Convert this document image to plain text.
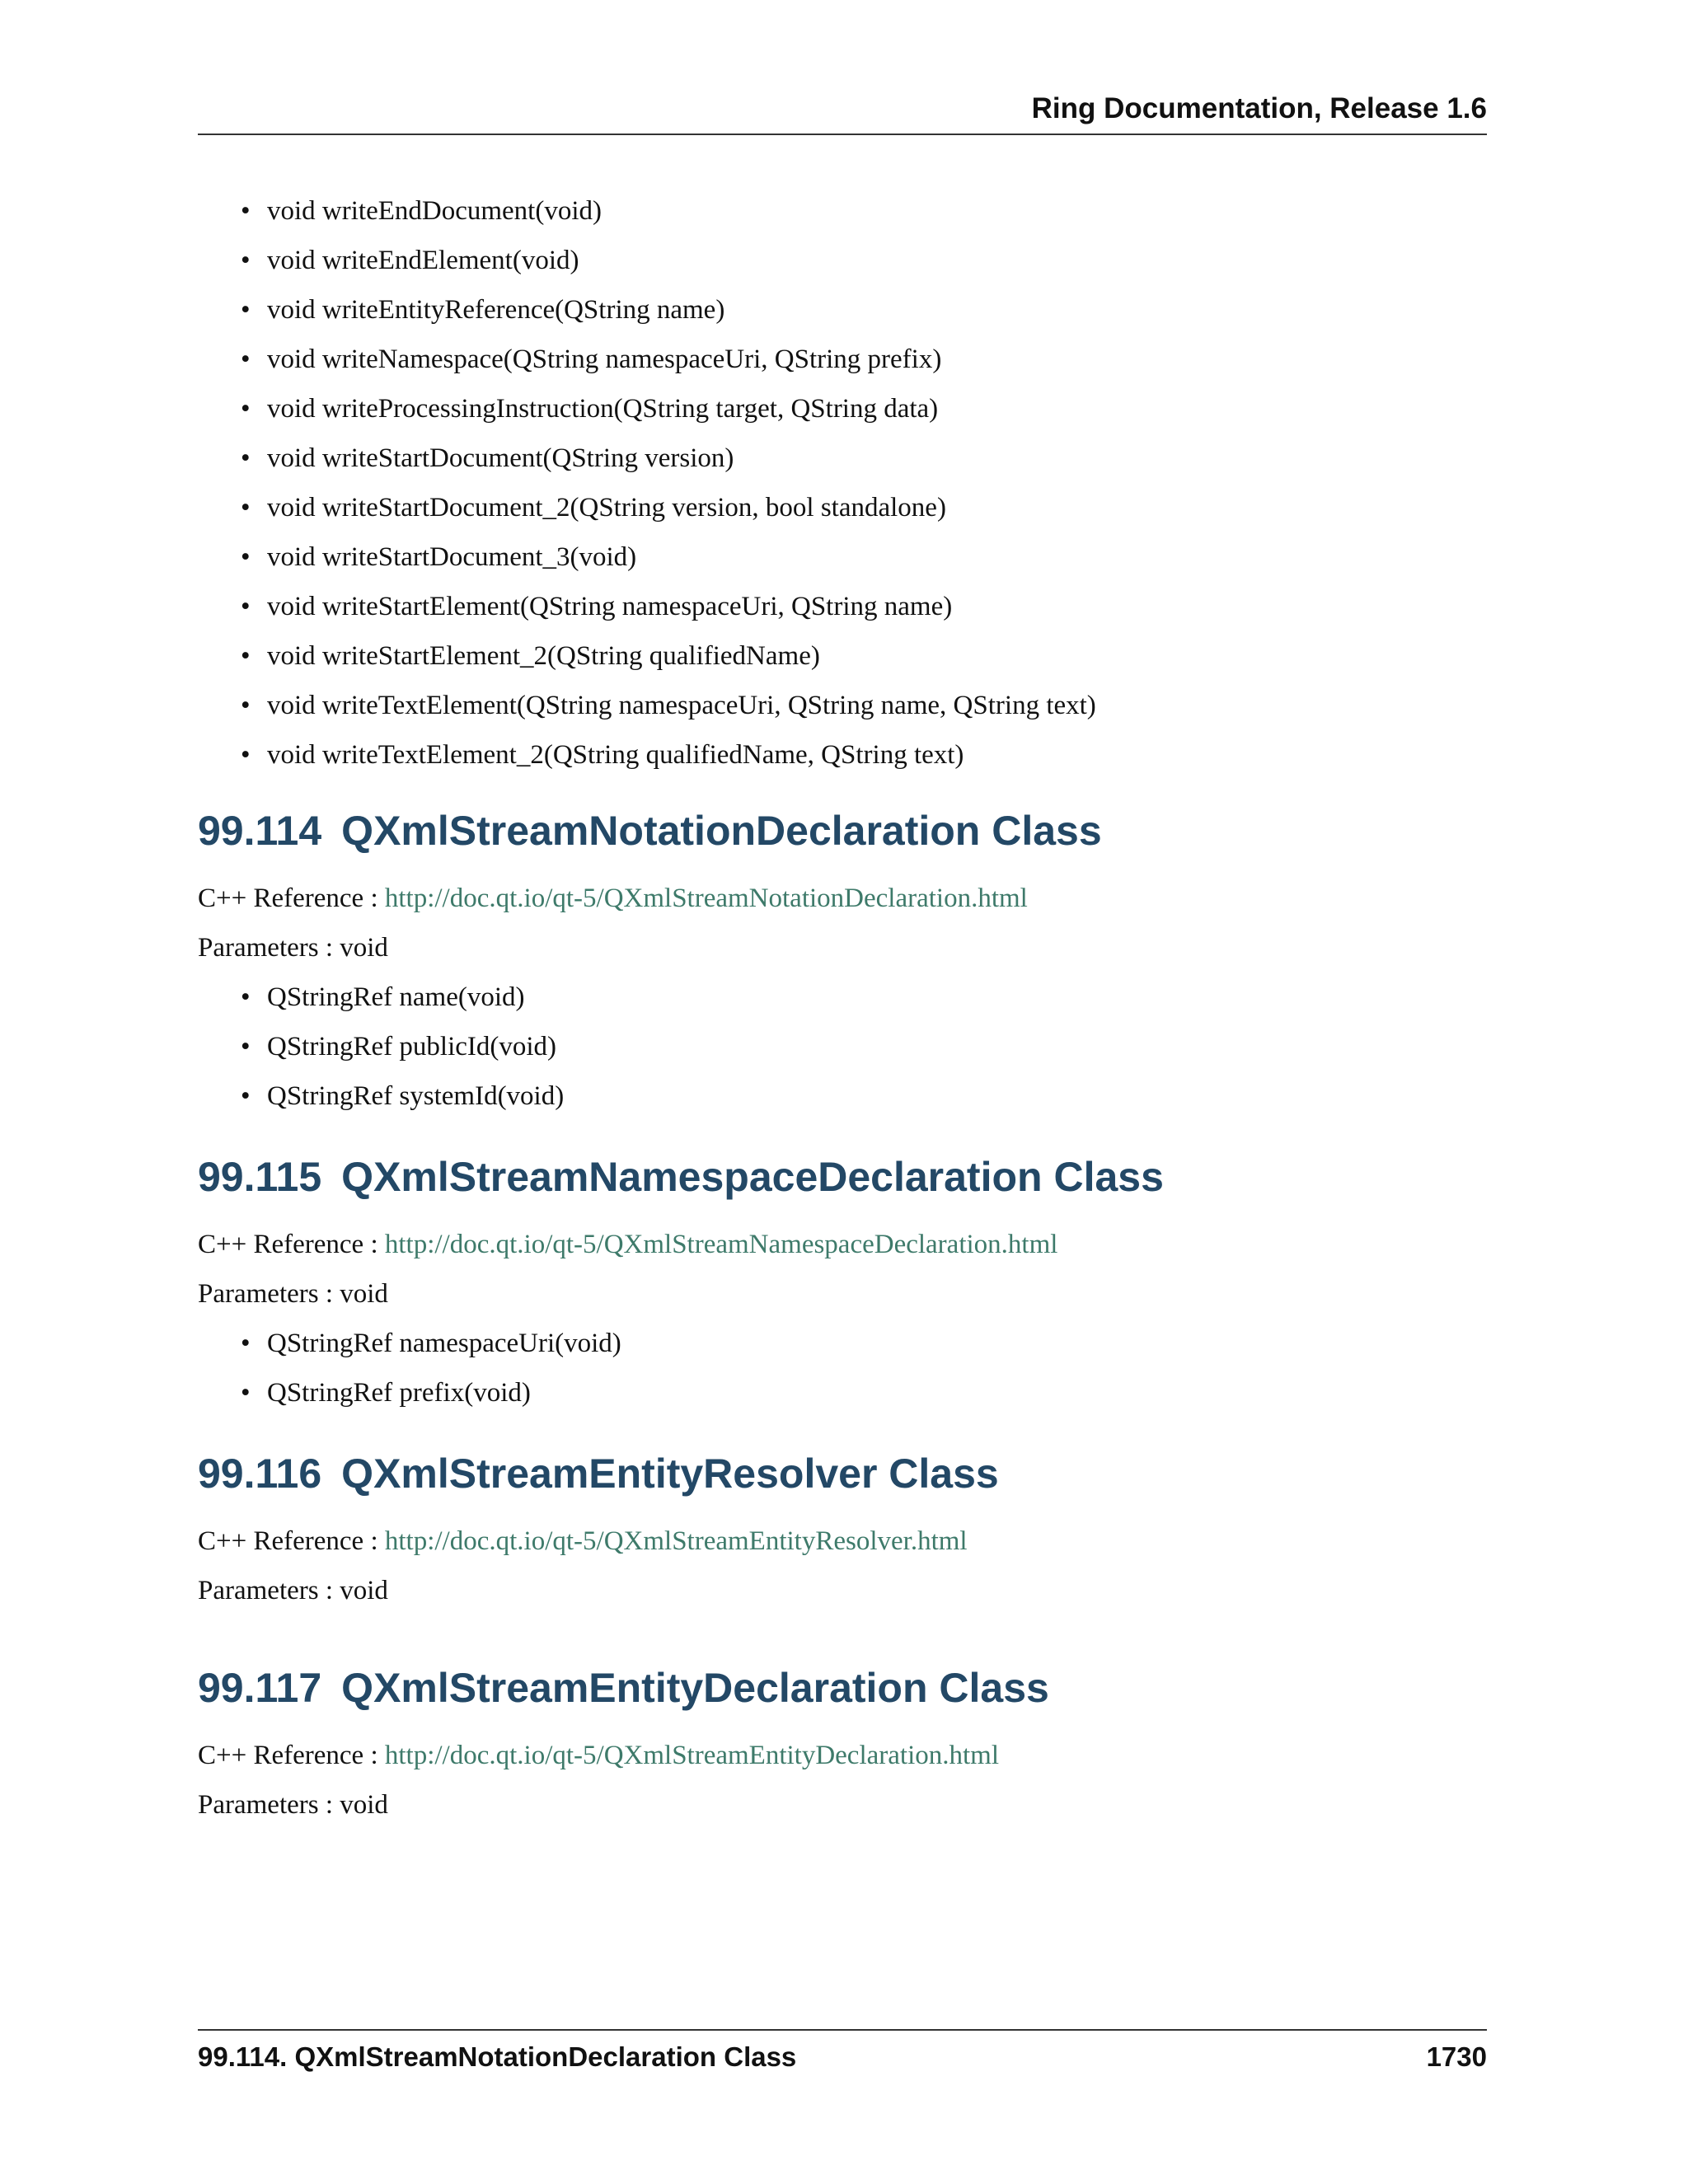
Ring Documentation, Release 1.6
• void writeEndDocument(void)
• void writeEndElement(void)
• void writeEntityReference(QString name)
• void writeNamespace(QString namespaceUri, QString prefix)
• void writeProcessingInstruction(QString target, QString data)
• void writeStartDocument(QString version)
• void writeStartDocument_2(QString version, bool standalone)
• void writeStartDocument_3(void)
• void writeStartElement(QString namespaceUri, QString name)
• void writeStartElement_2(QString qualifiedName)
• void writeTextElement(QString namespaceUri, QString name, QString text)
• void writeTextElement_2(QString qualifiedName, QString text)
99.114 QXmlStreamNotationDeclaration Class
C++ Reference : http://doc.qt.io/qt-5/QXmlStreamNotationDeclaration.html
Parameters : void
• QStringRef name(void)
• QStringRef publicId(void)
• QStringRef systemId(void)
99.115 QXmlStreamNamespaceDeclaration Class
C++ Reference : http://doc.qt.io/qt-5/QXmlStreamNamespaceDeclaration.html
Parameters : void
• QStringRef namespaceUri(void)
• QStringRef prefix(void)
99.116 QXmlStreamEntityResolver Class
C++ Reference : http://doc.qt.io/qt-5/QXmlStreamEntityResolver.html
Parameters : void
99.117 QXmlStreamEntityDeclaration Class
C++ Reference : http://doc.qt.io/qt-5/QXmlStreamEntityDeclaration.html
Parameters : void
99.114. QXmlStreamNotationDeclaration Class	1730
